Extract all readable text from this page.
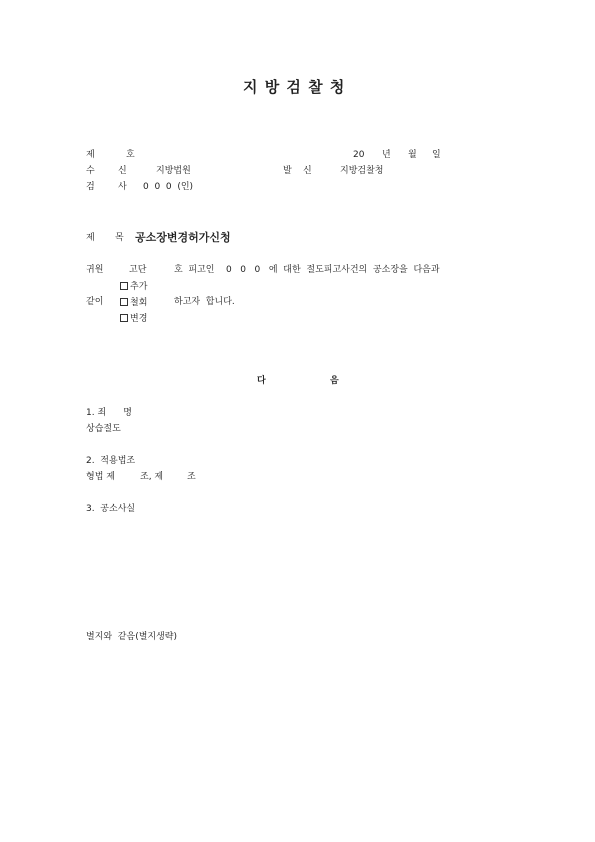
지 방 검 찰 청
제	호	20 년 월 일
수	신	지방법원	발 신	지방검찰청
검	사 0  0  0  (인)
제 목 공소장변경허가신청
귀원	고단	호  피고인    0   0   0   에  대한  절도피고사건의  공소장을  다음과
추가
같이	철회	하고자  합니다.
변경
다	음
1. 죄      명
상습절도
2.  적용법조
형법 제	조, 제	조
3.  공소사실
별지와  같음(별지생략)
